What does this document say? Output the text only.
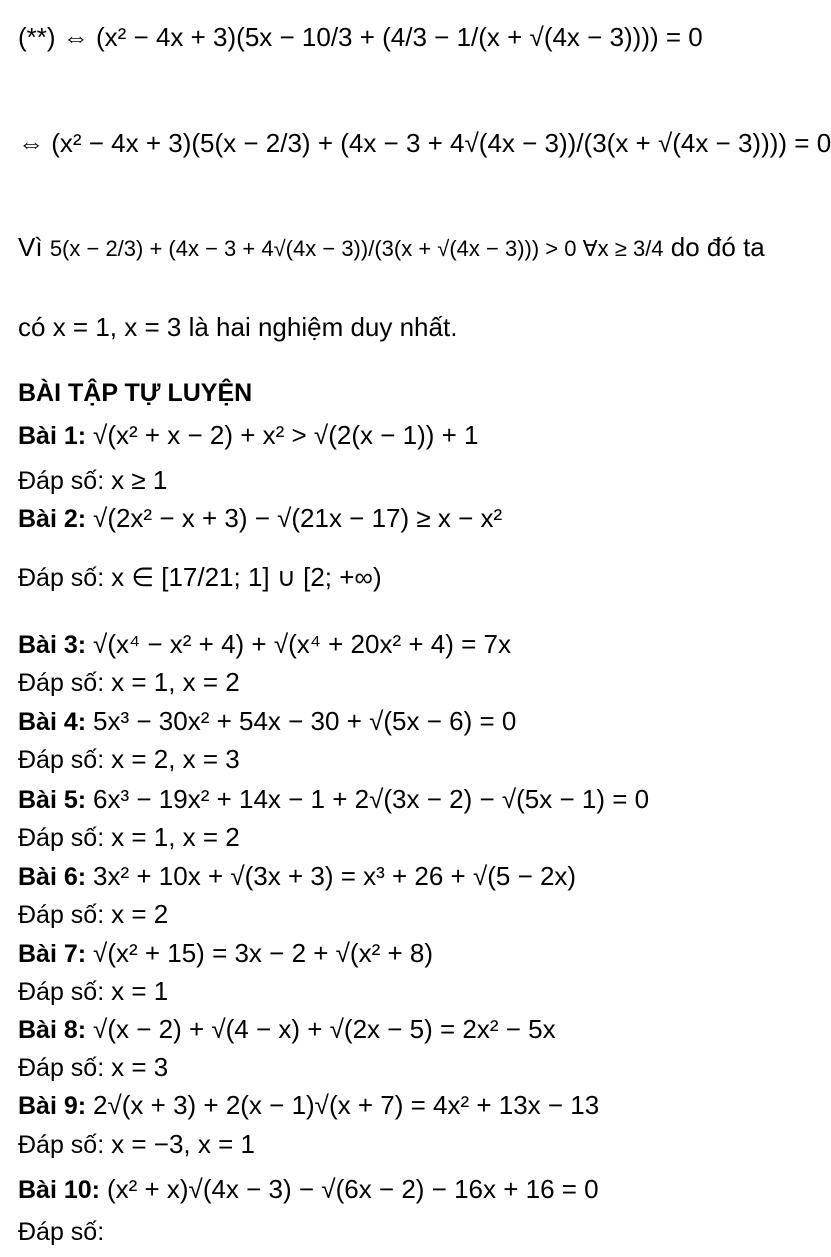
(**) ⇔ (x² − 4x + 3)(5x − 10/3 + (4/3 − 1/(x + √(4x − 3)))) = 0
⇔ (x² − 4x + 3)(5(x − 2/3) + (4x − 3 + 4√(4x − 3))/(3(x + √(4x − 3)))) = 0
Vì 5(x − 2/3) + (4x − 3 + 4√(4x − 3))/(3(x + √(4x − 3))) > 0 ∀x ≥ 3/4 do đó ta
có x = 1, x = 3 là hai nghiệm duy nhất.
BÀI TẬP TỰ LUYỆN
Bài 1: √(x² + x − 2) + x² > √(2(x − 1)) + 1
Đáp số: x ≥ 1
Bài 2: √(2x² − x + 3) − √(21x − 17) ≥ x − x²
Đáp số: x ∈ [17/21; 1] ∪ [2; +∞)
Bài 3: √(x⁴ − x² + 4) + √(x⁴ + 20x² + 4) = 7x
Đáp số: x = 1, x = 2
Bài 4: 5x³ − 30x² + 54x − 30 + √(5x − 6) = 0
Đáp số: x = 2, x = 3
Bài 5: 6x³ − 19x² + 14x − 1 + 2√(3x − 2) − √(5x − 1) = 0
Đáp số: x = 1, x = 2
Bài 6: 3x² + 10x + √(3x + 3) = x³ + 26 + √(5 − 2x)
Đáp số: x = 2
Bài 7: √(x² + 15) = 3x − 2 + √(x² + 8)
Đáp số: x = 1
Bài 8: √(x − 2) + √(4 − x) + √(2x − 5) = 2x² − 5x
Đáp số: x = 3
Bài 9: 2√(x + 3) + 2(x − 1)√(x + 7) = 4x² + 13x − 13
Đáp số: x = −3, x = 1
Bài 10: (x² + x)√(4x − 3) − √(6x − 2) − 16x + 16 = 0
Đáp số:
